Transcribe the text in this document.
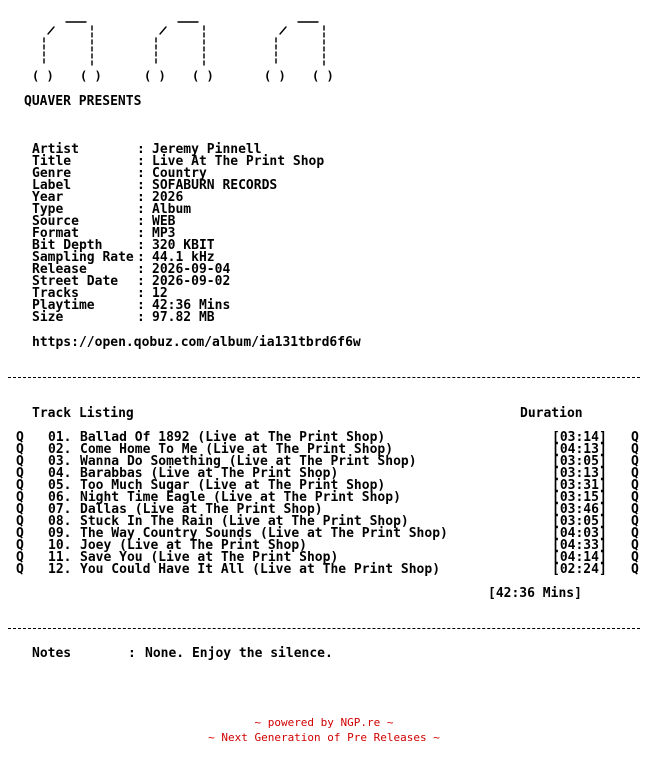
( ) ( )	( ) ( )	( ) ( )
QUAVER PRESENTS
Artist	: Jeremy Pinnell
Title	: Live At The Print Shop
Genre	: Country
Label	: SOFABURN RECORDS
Year	: 2026
Type	: Album
Source	: WEB
Format	: MP3
Bit Depth	: 320 KBIT
Sampling Rate : 44.1 kHz
Release	: 2026-09-04
Street Date : 2026-09-02
Tracks	: 12
Playtime	: 42:36 Mins
Size	: 97.82 MB
https://open.qobuz.com/album/ia131tbrd6f6w
Track Listing	Duration
Q 01. Ballad Of 1892 (Live at The Print Shop)	[03:14] Q
Q 02. Come Home To Me (Live at The Print Shop)	[04:13] Q
Q 03. Wanna Do Something (Live at The Print Shop)	[03:05] Q
Q 04. Barabbas (Live at The Print Shop)	[03:13] Q
Q 05. Too Much Sugar (Live at The Print Shop)	[03:31] Q
Q 06. Night Time Eagle (Live at The Print Shop)	[03:15] Q
Q 07. Dallas (Live at The Print Shop)	[03:46] Q
Q 08. Stuck In The Rain (Live at The Print Shop)	[03:05] Q
Q 09. The Way Country Sounds (Live at The Print Shop)	[04:03] Q
Q 10. Joey (Live at The Print Shop)	[04:33] Q
Q 11. Save You (Live at The Print Shop)	[04:14] Q
Q 12. You Could Have It All (Live at The Print Shop)	[02:24] Q
[42:36 Mins]
Notes	: None. Enjoy the silence.
~ powered by NGP.re ~
~ Next Generation of Pre Releases ~
